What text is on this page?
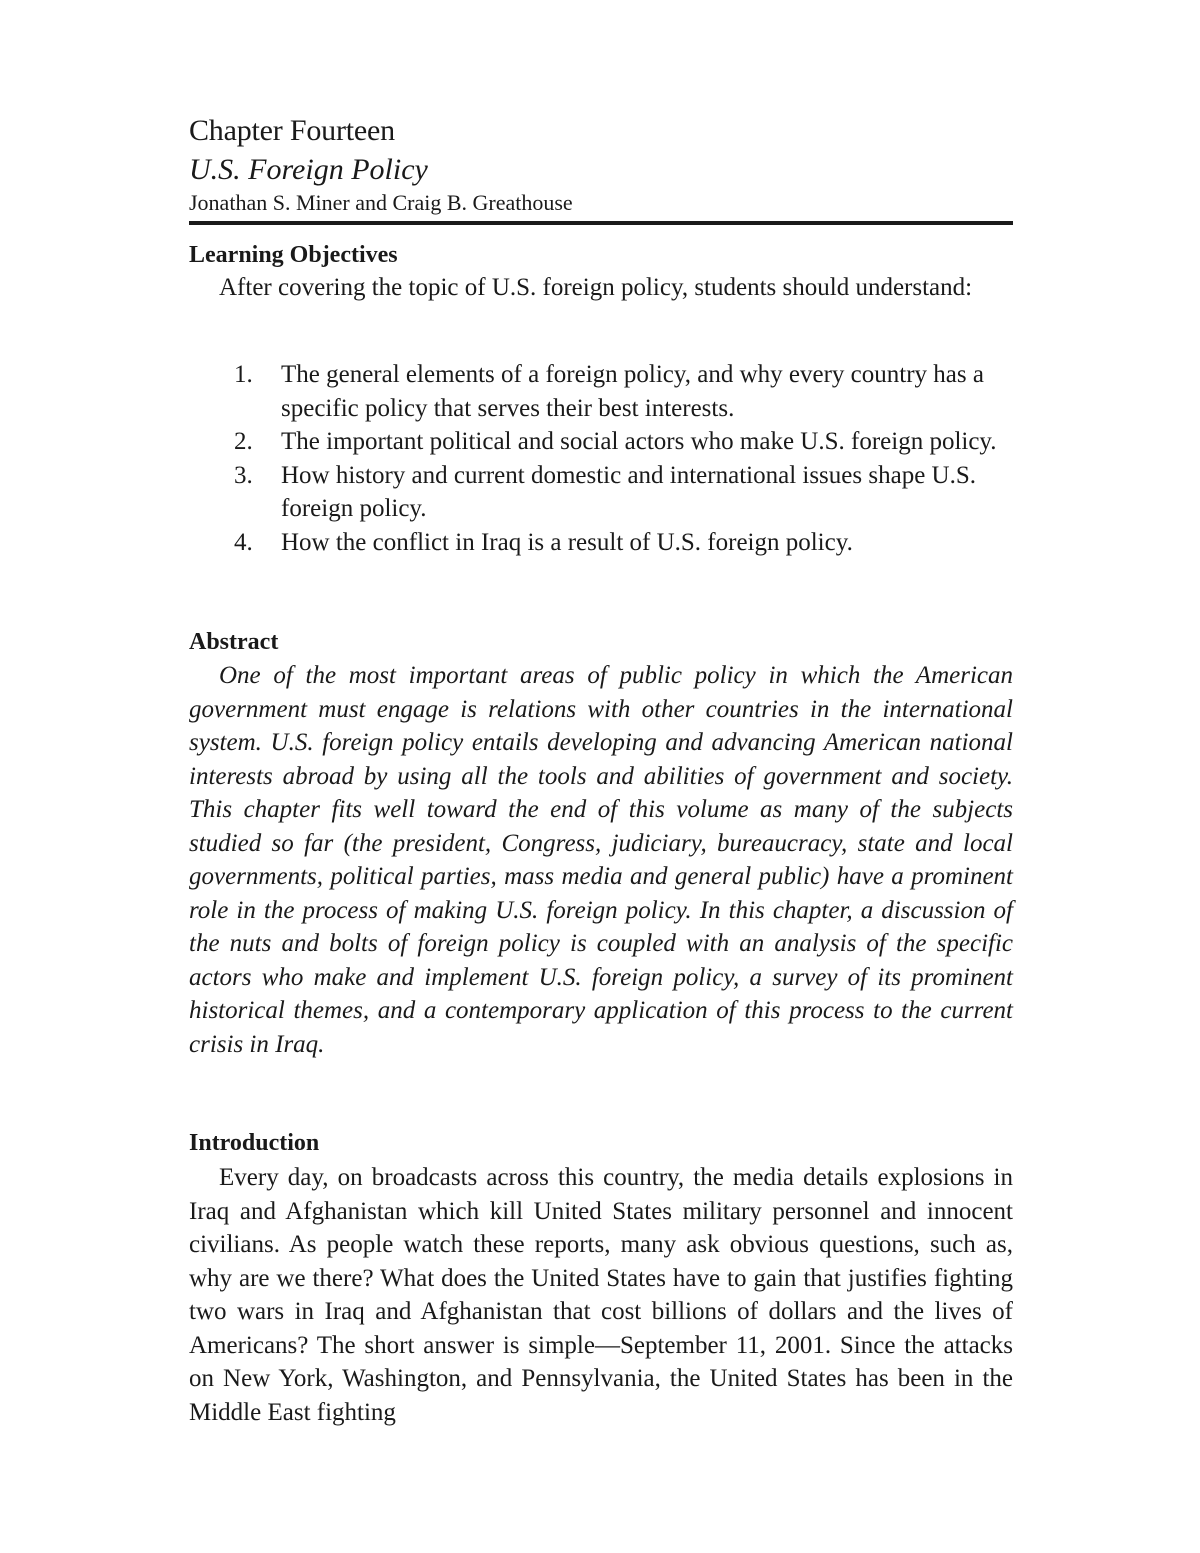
Chapter Fourteen
U.S. Foreign Policy
Jonathan S. Miner and Craig B. Greathouse
Learning Objectives
After covering the topic of U.S. foreign policy, students should understand:
1. The general elements of a foreign policy, and why every country has a specific policy that serves their best interests.
2. The important political and social actors who make U.S. foreign policy.
3. How history and current domestic and international issues shape U.S. foreign policy.
4. How the conflict in Iraq is a result of U.S. foreign policy.
Abstract
One of the most important areas of public policy in which the American government must engage is relations with other countries in the international system. U.S. foreign policy entails developing and advancing American national interests abroad by using all the tools and abilities of government and society. This chapter fits well toward the end of this volume as many of the subjects studied so far (the president, Congress, judiciary, bureaucracy, state and local governments, political parties, mass media and general public) have a prominent role in the process of making U.S. foreign policy. In this chapter, a discussion of the nuts and bolts of foreign policy is coupled with an analysis of the specific actors who make and implement U.S. foreign policy, a survey of its prominent historical themes, and a contemporary application of this process to the current crisis in Iraq.
Introduction
Every day, on broadcasts across this country, the media details explosions in Iraq and Afghanistan which kill United States military personnel and innocent civilians. As people watch these reports, many ask obvious questions, such as, why are we there? What does the United States have to gain that justifies fighting two wars in Iraq and Afghanistan that cost billions of dollars and the lives of Americans? The short answer is simple—September 11, 2001. Since the attacks on New York, Washington, and Pennsylvania, the United States has been in the Middle East fighting
